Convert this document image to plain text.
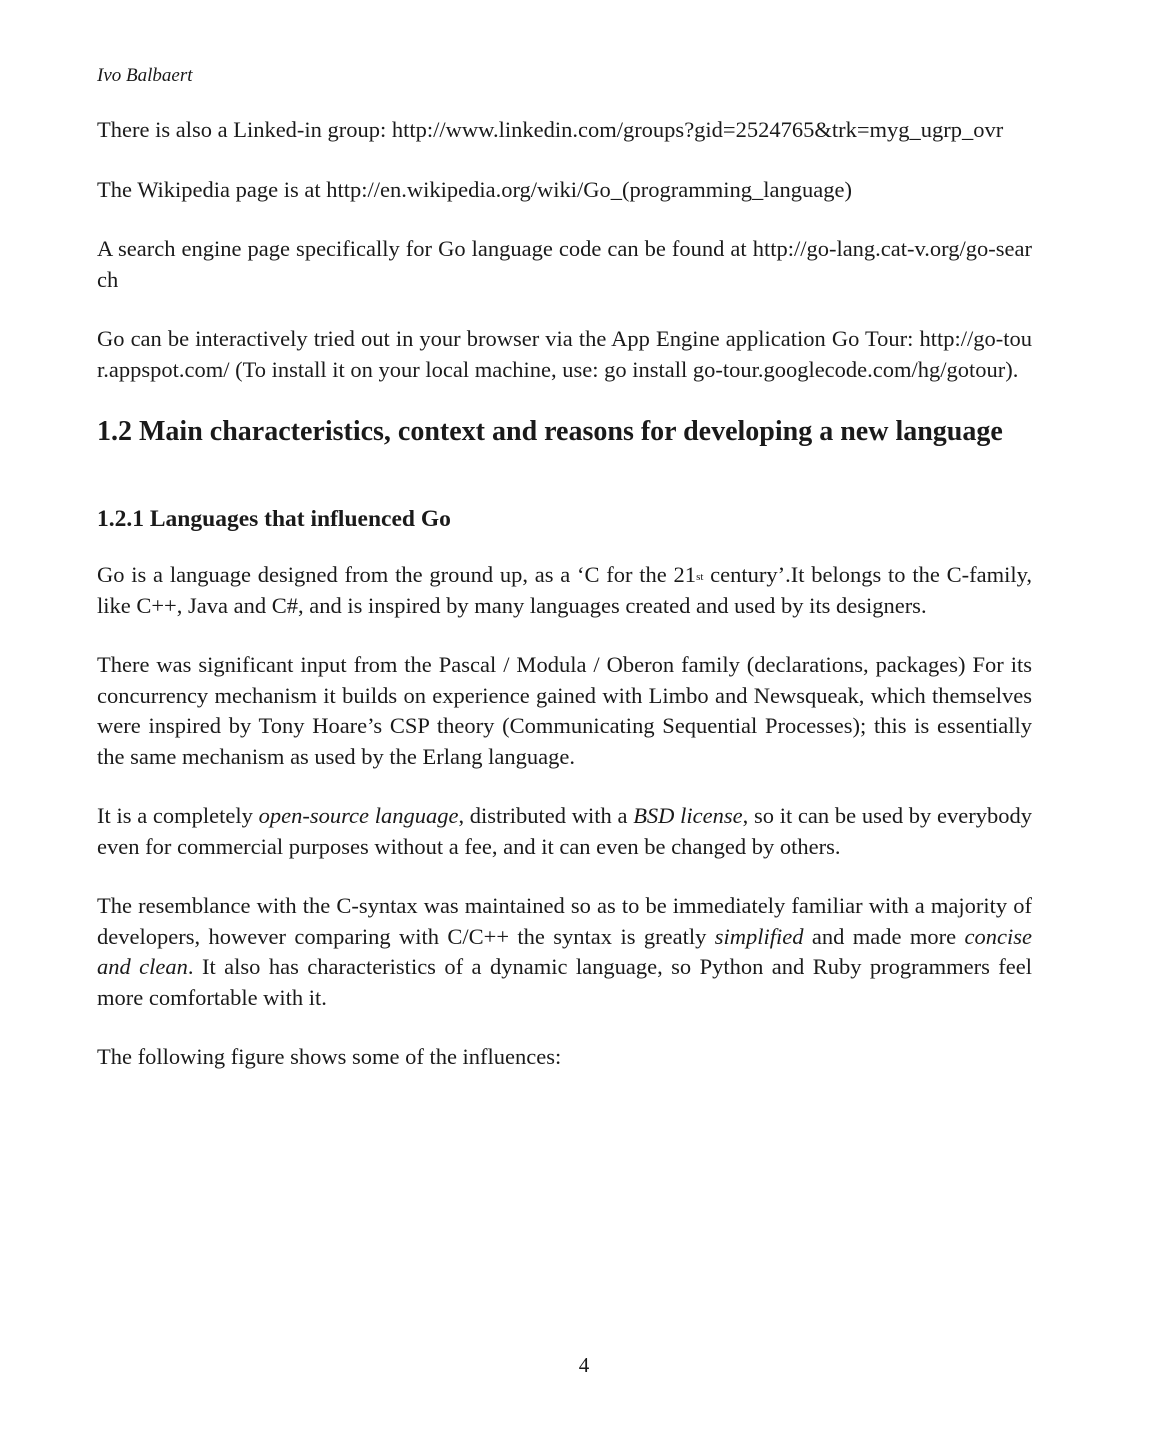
Ivo Balbaert

There is also a Linked-in group: http://www.linkedin.com/groups?gid=2524765&trk=myg_ugrp_ovr

The Wikipedia page is at http://en.wikipedia.org/wiki/Go_(programming_language)

A search engine page specifically for Go language code can be found at http://go-lang.cat-v.org/go-search

Go can be interactively tried out in your browser via the App Engine application Go Tour: http://go-tour.appspot.com/ (To install it on your local machine, use: go install go-tour.googlecode.com/hg/gotour).

1.2 Main characteristics, context and reasons for developing a new language
1.2.1 Languages that influenced Go

Go is a language designed from the ground up, as a ‘C for the 21st century’.It belongs to the C-family, like C++, Java and C#, and is inspired by many languages created and used by its designers.

There was significant input from the Pascal / Modula / Oberon family (declarations, packages) For its concurrency mechanism it builds on experience gained with Limbo and Newsqueak, which themselves were inspired by Tony Hoare’s CSP theory (Communicating Sequential Processes); this is essentially the same mechanism as used by the Erlang language.

It is a completely open-source language, distributed with a BSD license, so it can be used by everybody even for commercial purposes without a fee, and it can even be changed by others.

The resemblance with the C-syntax was maintained so as to be immediately familiar with a majority of developers, however comparing with C/C++ the syntax is greatly simplified and made more concise and clean. It also has characteristics of a dynamic language, so Python and Ruby programmers feel more comfortable with it.

The following figure shows some of the influences:

4
